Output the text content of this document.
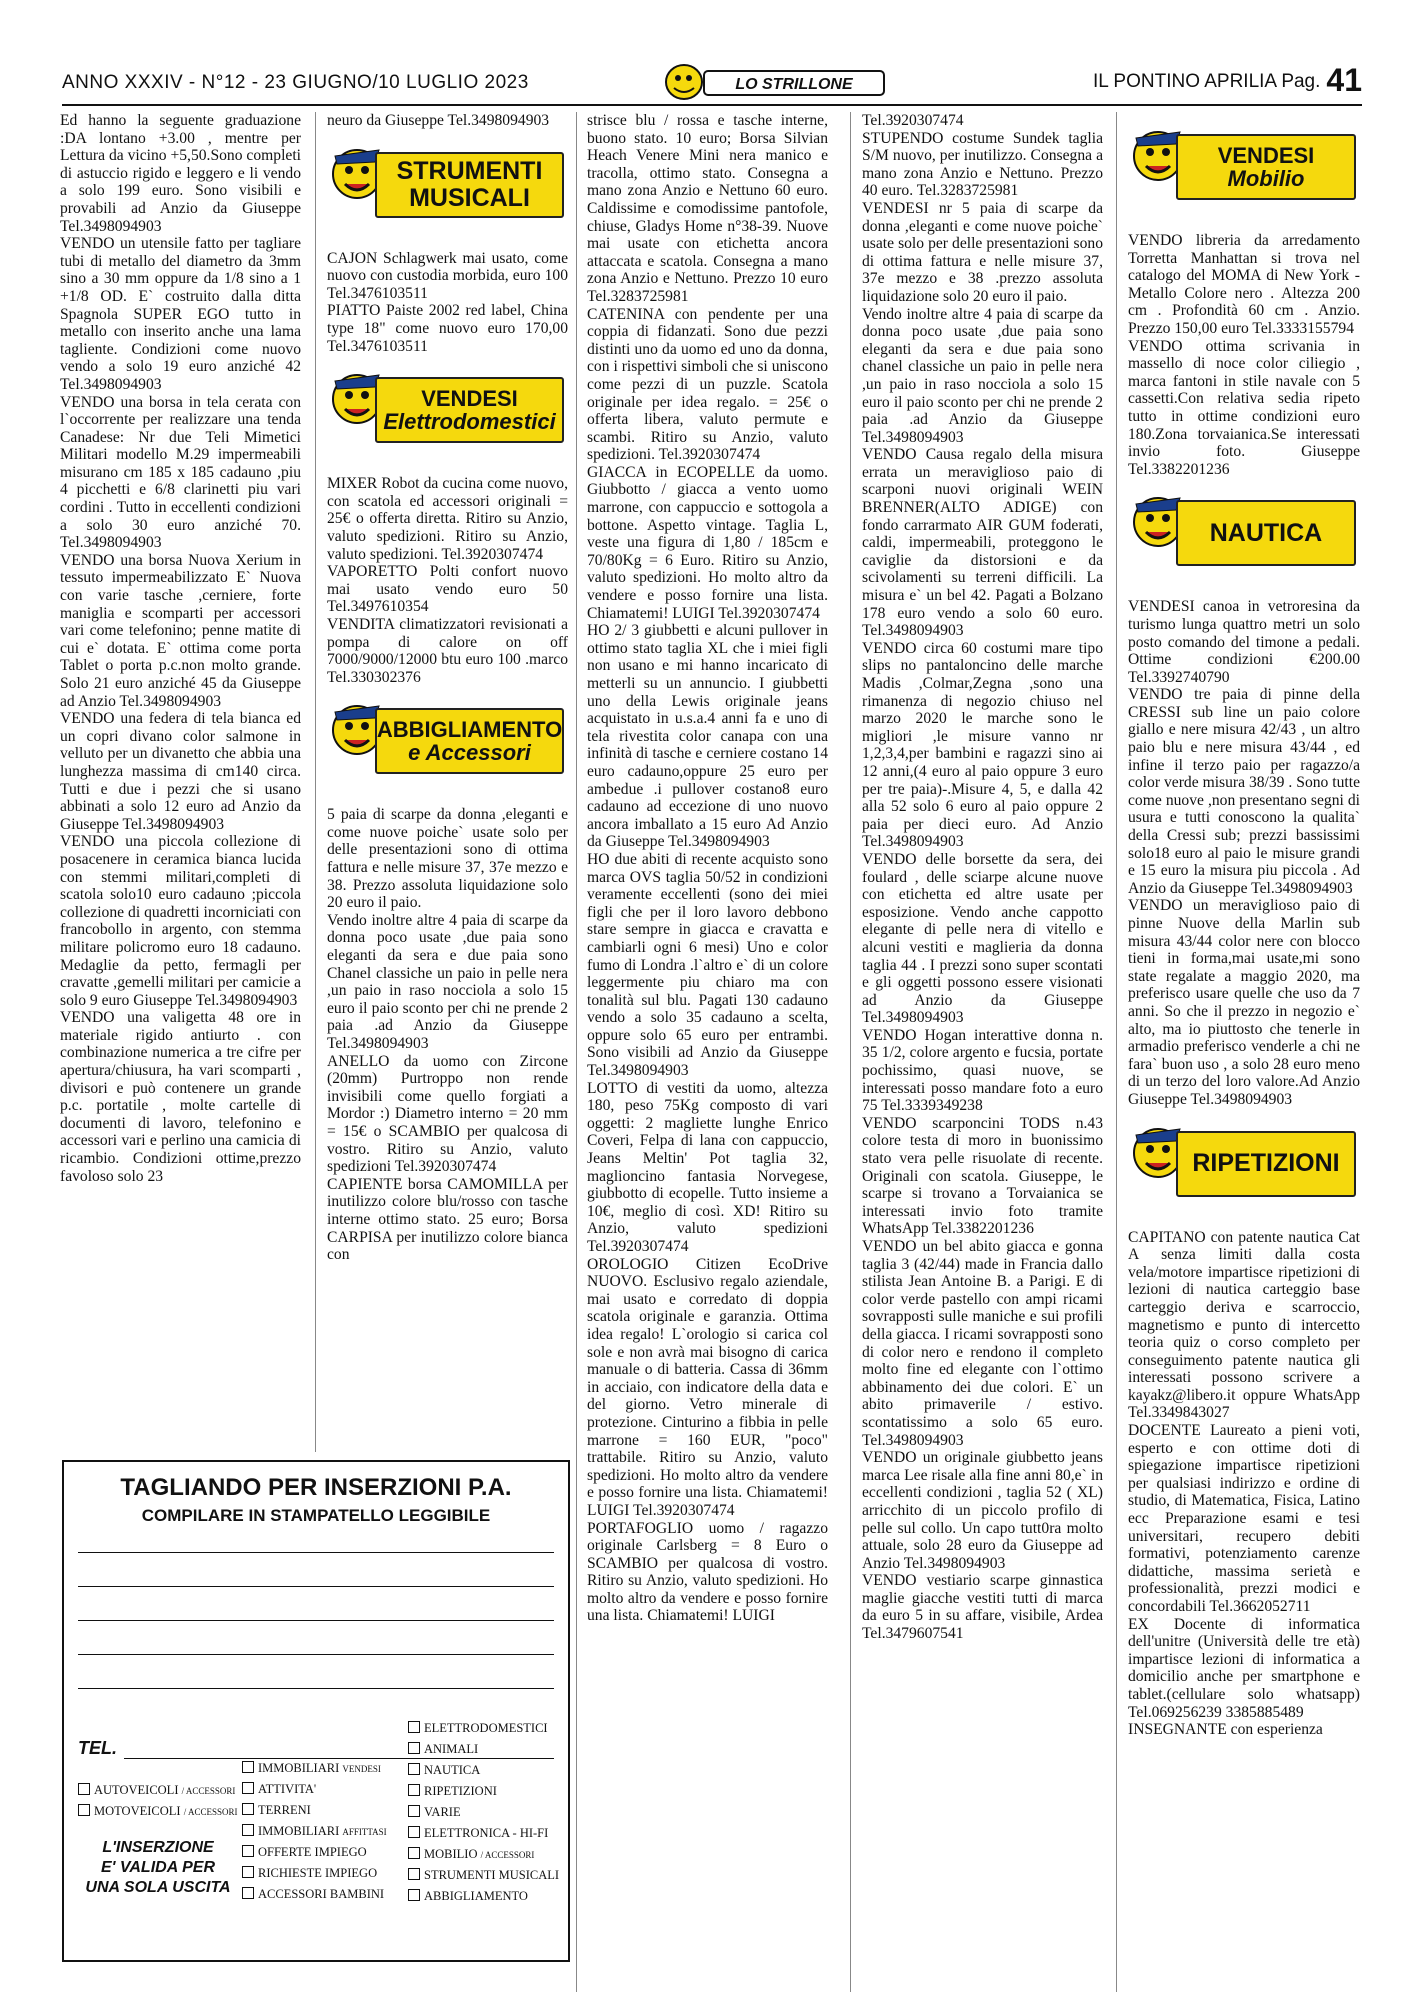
ANNO XXXIV - N°12 - 23 GIUGNO/10 LUGLIO 2023	LO STRILLONE	IL PONTINO APRILIA Pag. 41

Ed hanno la seguente graduazione :DA lontano +3.00 , mentre per Lettura da vicino +5,50.Sono completi di astuccio rigido e leggero e li vendo a solo 199 euro. Sono visibili e provabili ad Anzio da Giuseppe Tel.3498094903

VENDO un utensile fatto per tagliare tubi di metallo del diametro da 3mm sino a 30 mm oppure da 1/8 sino a 1 +1/8 OD. E` costruito dalla ditta Spagnola SUPER EGO tutto in metallo con inserito anche una lama tagliente. Condizioni come nuovo vendo a solo 19 euro anziché 42 Tel.3498094903

VENDO una borsa in tela cerata con l`occorrente per realizzare una tenda Canadese: Nr due Teli Mimetici Militari modello M.29 impermeabili misurano cm 185 x 185 cadauno ,piu 4 picchetti e 6/8 clarinetti piu vari cordini . Tutto in eccellenti condizioni a solo 30 euro anziché 70. Tel.3498094903

VENDO una borsa Nuova Xerium in tessuto impermeabilizzato E` Nuova con varie tasche ,cerniere, forte maniglia e scomparti per accessori vari come telefonino; penne matite di cui e` dotata. E` ottima come porta Tablet o porta p.c.non molto grande. Solo 21 euro anziché 45 da Giuseppe ad Anzio Tel.3498094903

VENDO una federa di tela bianca ed un copri divano color salmone in velluto per un divanetto che abbia una lunghezza massima di cm140 circa. Tutti e due i pezzi che si usano abbinati a solo 12 euro ad Anzio da Giuseppe Tel.3498094903

VENDO una piccola collezione di posacenere in ceramica bianca lucida con stemmi militari,completi di scatola solo10 euro cadauno ;piccola collezione di quadretti incorniciati con francobollo in argento, con stemma militare policromo euro 18 cadauno. Medaglie da petto, fermagli per cravatte ,gemelli militari per camicie a solo 9 euro Giuseppe Tel.3498094903

VENDO una valigetta 48 ore in materiale rigido antiurto . con combinazione numerica a tre cifre per apertura/chiusura, ha vari scomparti , divisori e può contenere un grande p.c. portatile , molte cartelle di documenti di lavoro, telefonino e accessori vari e perlino una camicia di ricambio. Condizioni ottime,prezzo favoloso solo 23

neuro da Giuseppe Tel.3498094903

STRUMENTI MUSICALI

CAJON Schlagwerk mai usato, come nuovo con custodia morbida, euro 100 Tel.3476103511

PIATTO Paiste 2002 red label, China type 18" come nuovo euro 170,00 Tel.3476103511

VENDESI
Elettrodomestici

MIXER Robot da cucina come nuovo, con scatola ed accessori originali = 25€ o offerta diretta. Ritiro su Anzio, valuto spedizioni. Ritiro su Anzio, valuto spedizioni. Tel.3920307474

VAPORETTO Polti confort nuovo mai usato vendo euro 50 Tel.3497610354

VENDITA climatizzatori revisionati a pompa di calore on off 7000/9000/12000 btu euro 100 .marco Tel.330302376

ABBIGLIAMENTO
e Accessori

5 paia di scarpe da donna ,eleganti e come nuove poiche` usate solo per delle presentazioni sono di ottima fattura e nelle misure 37, 37e mezzo e 38. Prezzo assoluta liquidazione solo 20 euro il paio.

Vendo inoltre altre 4 paia di scarpe da donna poco usate ,due paia sono eleganti da sera e due paia sono Chanel classiche un paio in pelle nera ,un paio in raso nocciola a solo 15 euro il paio sconto per chi ne prende 2 paia .ad Anzio da Giuseppe Tel.3498094903

ANELLO da uomo con Zircone (20mm) Purtroppo non rende invisibili come quello forgiati a Mordor :) Diametro interno = 20 mm = 15€ o SCAMBIO per qualcosa di vostro. Ritiro su Anzio, valuto spedizioni Tel.3920307474

CAPIENTE borsa CAMOMILLA per inutilizzo colore blu/rosso con tasche interne ottimo stato. 25 euro; Borsa CARPISA per inutilizzo colore bianca con

strisce blu / rossa e tasche interne, buono stato. 10 euro; Borsa Silvian Heach Venere Mini nera manico e tracolla, ottimo stato. Consegna a mano zona Anzio e Nettuno 60 euro. Caldissime e comodissime pantofole, chiuse, Gladys Home n°38-39. Nuove mai usate con etichetta ancora attaccata e scatola. Consegna a mano zona Anzio e Nettuno. Prezzo 10 euro Tel.3283725981

CATENINA con pendente per una coppia di fidanzati. Sono due pezzi distinti uno da uomo ed uno da donna, con i rispettivi simboli che si uniscono come pezzi di un puzzle. Scatola originale per idea regalo. = 25€ o offerta libera, valuto permute e scambi. Ritiro su Anzio, valuto spedizioni. Tel.3920307474

GIACCA in ECOPELLE da uomo. Giubbotto / giacca a vento uomo marrone, con cappuccio e sottogola a bottone. Aspetto vintage. Taglia L, veste una figura di 1,80 / 185cm e 70/80Kg = 6 Euro. Ritiro su Anzio, valuto spedizioni. Ho molto altro da vendere e posso fornire una lista. Chiamatemi! LUIGI Tel.3920307474

HO 2/ 3 giubbetti e alcuni pullover in ottimo stato taglia XL che i miei figli non usano e mi hanno incaricato di metterli su un annuncio. I giubbetti uno della Lewis originale jeans acquistato in u.s.a.4 anni fa e uno di tela rivestita color canapa con una infinità di tasche e cerniere costano 14 euro cadauno,oppure 25 euro per ambedue .i pullover costano8 euro cadauno ad eccezione di uno nuovo ancora imballato a 15 euro Ad Anzio da Giuseppe Tel.3498094903

HO due abiti di recente acquisto sono marca OVS taglia 50/52 in condizioni veramente eccellenti (sono dei miei figli che per il loro lavoro debbono stare sempre in giacca e cravatta e cambiarli ogni 6 mesi) Uno e color fumo di Londra .l`altro e` di un colore leggermente piu chiaro ma con tonalità sul blu. Pagati 130 cadauno vendo a solo 35 cadauno a scelta, oppure solo 65 euro per entrambi. Sono visibili ad Anzio da Giuseppe Tel.3498094903

LOTTO di vestiti da uomo, altezza 180, peso 75Kg composto di vari oggetti: 2 magliette lunghe Enrico Coveri, Felpa di lana con cappuccio, Jeans Meltin' Pot taglia 32, maglioncino fantasia Norvegese, giubbotto di ecopelle. Tutto insieme a 10€, meglio di così. XD! Ritiro su Anzio, valuto spedizioni Tel.3920307474

OROLOGIO Citizen EcoDrive NUOVO. Esclusivo regalo aziendale, mai usato e corredato di doppia scatola originale e garanzia. Ottima idea regalo! L`orologio si carica col sole e non avrà mai bisogno di carica manuale o di batteria. Cassa di 36mm in acciaio, con indicatore della data e del giorno. Vetro minerale di protezione. Cinturino a fibbia in pelle marrone = 160 EUR, "poco" trattabile. Ritiro su Anzio, valuto spedizioni. Ho molto altro da vendere e posso fornire una lista. Chiamatemi! LUIGI Tel.3920307474

PORTAFOGLIO uomo / ragazzo originale Carlsberg = 8 Euro o SCAMBIO per qualcosa di vostro. Ritiro su Anzio, valuto spedizioni. Ho molto altro da vendere e posso fornire una lista. Chiamatemi! LUIGI

Tel.3920307474

STUPENDO costume Sundek taglia S/M nuovo, per inutilizzo. Consegna a mano zona Anzio e Nettuno. Prezzo 40 euro. Tel.3283725981

VENDESI nr 5 paia di scarpe da donna ,eleganti e come nuove poiche` usate solo per delle presentazioni sono di ottima fattura e nelle misure 37, 37e mezzo e 38 .prezzo assoluta liquidazione solo 20 euro il paio.

Vendo inoltre altre 4 paia di scarpe da donna poco usate ,due paia sono eleganti da sera e due paia sono chanel classiche un paio in pelle nera ,un paio in raso nocciola a solo 15 euro il paio sconto per chi ne prende 2 paia .ad Anzio da Giuseppe Tel.3498094903

VENDO Causa regalo della misura errata un meraviglioso paio di scarponi nuovi originali WEIN BRENNER(ALTO ADIGE) con fondo carrarmato AIR GUM foderati, caldi, impermeabili, proteggono le caviglie da distorsioni e da scivolamenti su terreni difficili. La misura e` un bel 42. Pagati a Bolzano 178 euro vendo a solo 60 euro. Tel.3498094903

VENDO circa 60 costumi mare tipo slips no pantaloncino delle marche Madis ,Colmar,Zegna ,sono una rimanenza di negozio chiuso nel marzo 2020 le marche sono le migliori ,le misure vanno nr 1,2,3,4,per bambini e ragazzi sino ai 12 anni,(4 euro al paio oppure 3 euro per tre paia)-.Misure 4, 5, e dalla 42 alla 52 solo 6 euro al paio oppure 2 paia per dieci euro. Ad Anzio Tel.3498094903

VENDO delle borsette da sera, dei foulard , delle sciarpe alcune nuove con etichetta ed altre usate per esposizione. Vendo anche cappotto elegante di pelle nera di vitello e alcuni vestiti e maglieria da donna taglia 44 . I prezzi sono super scontati e gli oggetti possono essere visionati ad Anzio da Giuseppe Tel.3498094903

VENDO Hogan interattive donna n. 35 1/2, colore argento e fucsia, portate pochissimo, quasi nuove, se interessati posso mandare foto a euro 75 Tel.3339349238

VENDO scarponcini TODS n.43 colore testa di moro in buonissimo stato vera pelle risuolate di recente. Originali con scatola. Giuseppe, le scarpe si trovano a Torvaianica se interessati invio foto tramite WhatsApp Tel.3382201236

VENDO un bel abito giacca e gonna taglia 3 (42/44) made in Francia dallo stilista Jean Antoine B. a Parigi. E di color verde pastello con ampi ricami sovrapposti sulle maniche e sui profili della giacca. I ricami sovrapposti sono di color nero e rendono il completo molto fine ed elegante con l`ottimo abbinamento dei due colori. E` un abito primaverile / estivo. scontatissimo a solo 65 euro. Tel.3498094903

VENDO un originale giubbetto jeans marca Lee risale alla fine anni 80,e` in eccellenti condizioni , taglia 52 ( XL) arricchito di un piccolo profilo di pelle sul collo. Un capo tutt0ra molto attuale, solo 28 euro da Giuseppe ad Anzio Tel.3498094903

VENDO vestiario scarpe ginnastica maglie giacche vestiti tutti di marca da euro 5 in su affare, visibile, Ardea Tel.3479607541

VENDESI
Mobilio

VENDO libreria da arredamento Torretta Manhattan si trova nel catalogo del MOMA di New York - Metallo Colore nero . Altezza 200 cm . Profondità 60 cm . Anzio. Prezzo 150,00 euro Tel.3333155794

VENDO ottima scrivania in massello di noce color ciliegio , marca fantoni in stile navale con 5 cassetti.Con relativa sedia ripeto tutto in ottime condizioni euro 180.Zona torvaianica.Se interessati invio foto. Giuseppe Tel.3382201236

NAUTICA

VENDESI canoa in vetroresina da turismo lunga quattro metri un solo posto comando del timone a pedali. Ottime condizioni €200.00 Tel.3392740790

VENDO tre paia di pinne della CRESSI sub line un paio colore giallo e nere misura 42/43 , un altro paio blu e nere misura 43/44 , ed infine il terzo paio per ragazzo/a color verde misura 38/39 . Sono tutte come nuove ,non presentano segni di usura e tutti conoscono la qualita` della Cressi sub; prezzi bassissimi solo18 euro al paio le misure grandi e 15 euro la misura piu piccola . Ad Anzio da Giuseppe Tel.3498094903

VENDO un meraviglioso paio di pinne Nuove della Marlin sub misura 43/44 color nere con blocco tieni in forma,mai usate,mi sono state regalate a maggio 2020, ma preferisco usare quelle che uso da 7 anni. So che il prezzo in negozio e` alto, ma io piuttosto che tenerle in armadio preferisco venderle a chi ne fara` buon uso , a solo 28 euro meno di un terzo del loro valore.Ad Anzio Giuseppe Tel.3498094903

RIPETIZIONI

CAPITANO con patente nautica Cat A senza limiti dalla costa vela/motore impartisce ripetizioni di lezioni di nautica carteggio base carteggio deriva e scarroccio, magnetismo e punto di intercetto teoria quiz o corso completo per conseguimento patente nautica gli interessati possono scrivere a kayakz@libero.it oppure WhatsApp Tel.3349843027

DOCENTE Laureato a pieni voti, esperto e con ottime doti di spiegazione impartisce ripetizioni per qualsiasi indirizzo e ordine di studio, di Matematica, Fisica, Latino ecc Preparazione esami e tesi universitari, recupero debiti formativi, potenziamento carenze didattiche, massima serietà e professionalità, prezzi modici e concordabili Tel.3662052711

EX Docente di informatica dell'unitre (Università delle tre età) impartisce lezioni di informatica a domicilio anche per smartphone e tablet.(cellulare solo whatsapp) Tel.069256239 3385885489

INSEGNANTE con esperienza

TAGLIANDO PER INSERZIONI P.A.
COMPILARE IN STAMPATELLO LEGGIBILE
TEL.
AUTOVEICOLI / ACCESSORI
MOTOVEICOLI / ACCESSORI
IMMOBILIARI VENDESI
ATTIVITA'
TERRENI
IMMOBILIARI AFFITTASI
OFFERTE IMPIEGO
RICHIESTE IMPIEGO
ACCESSORI BAMBINI
ELETTRODOMESTICI
ANIMALI
NAUTICA
RIPETIZIONI
VARIE
ELETTRONICA - HI-FI
MOBILIO / ACCESSORI
STRUMENTI MUSICALI
ABBIGLIAMENTO
L'INSERZIONE
E' VALIDA PER
UNA SOLA USCITA
